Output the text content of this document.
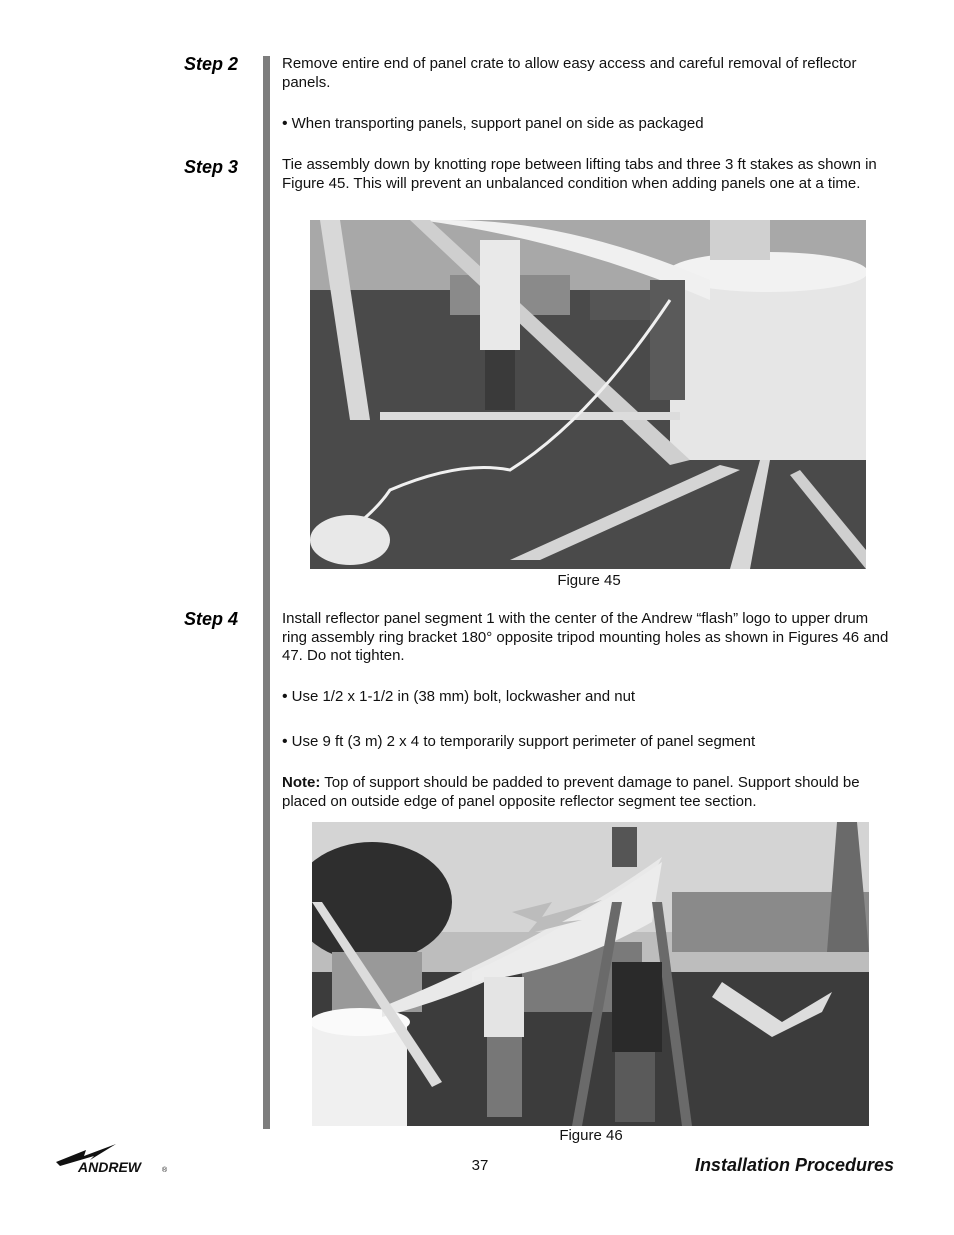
Step 2	Remove entire end of panel crate to allow easy access and careful removal of reflector panels.
• When transporting panels, support panel on side as packaged
Step 3	Tie assembly down by knotting rope between lifting tabs and three 3 ft stakes as shown in Figure 45. This will prevent an unbalanced condition when adding panels one at a time.
Figure 45
Step 4	Install reflector panel segment 1 with the center of the Andrew “flash” logo to upper drum ring assembly ring bracket 180° opposite tripod mounting holes as shown in Figures 46 and 47. Do not tighten.
• Use 1/2 x 1-1/2 in (38 mm) bolt, lockwasher and nut
• Use 9 ft (3 m) 2 x 4 to temporarily support perimeter of panel segment
Note: Top of support should be padded to prevent damage to panel. Support should be placed on outside edge of panel opposite reflector segment tee section.
Figure 46
ANDREW	®	37	Installation Procedures
